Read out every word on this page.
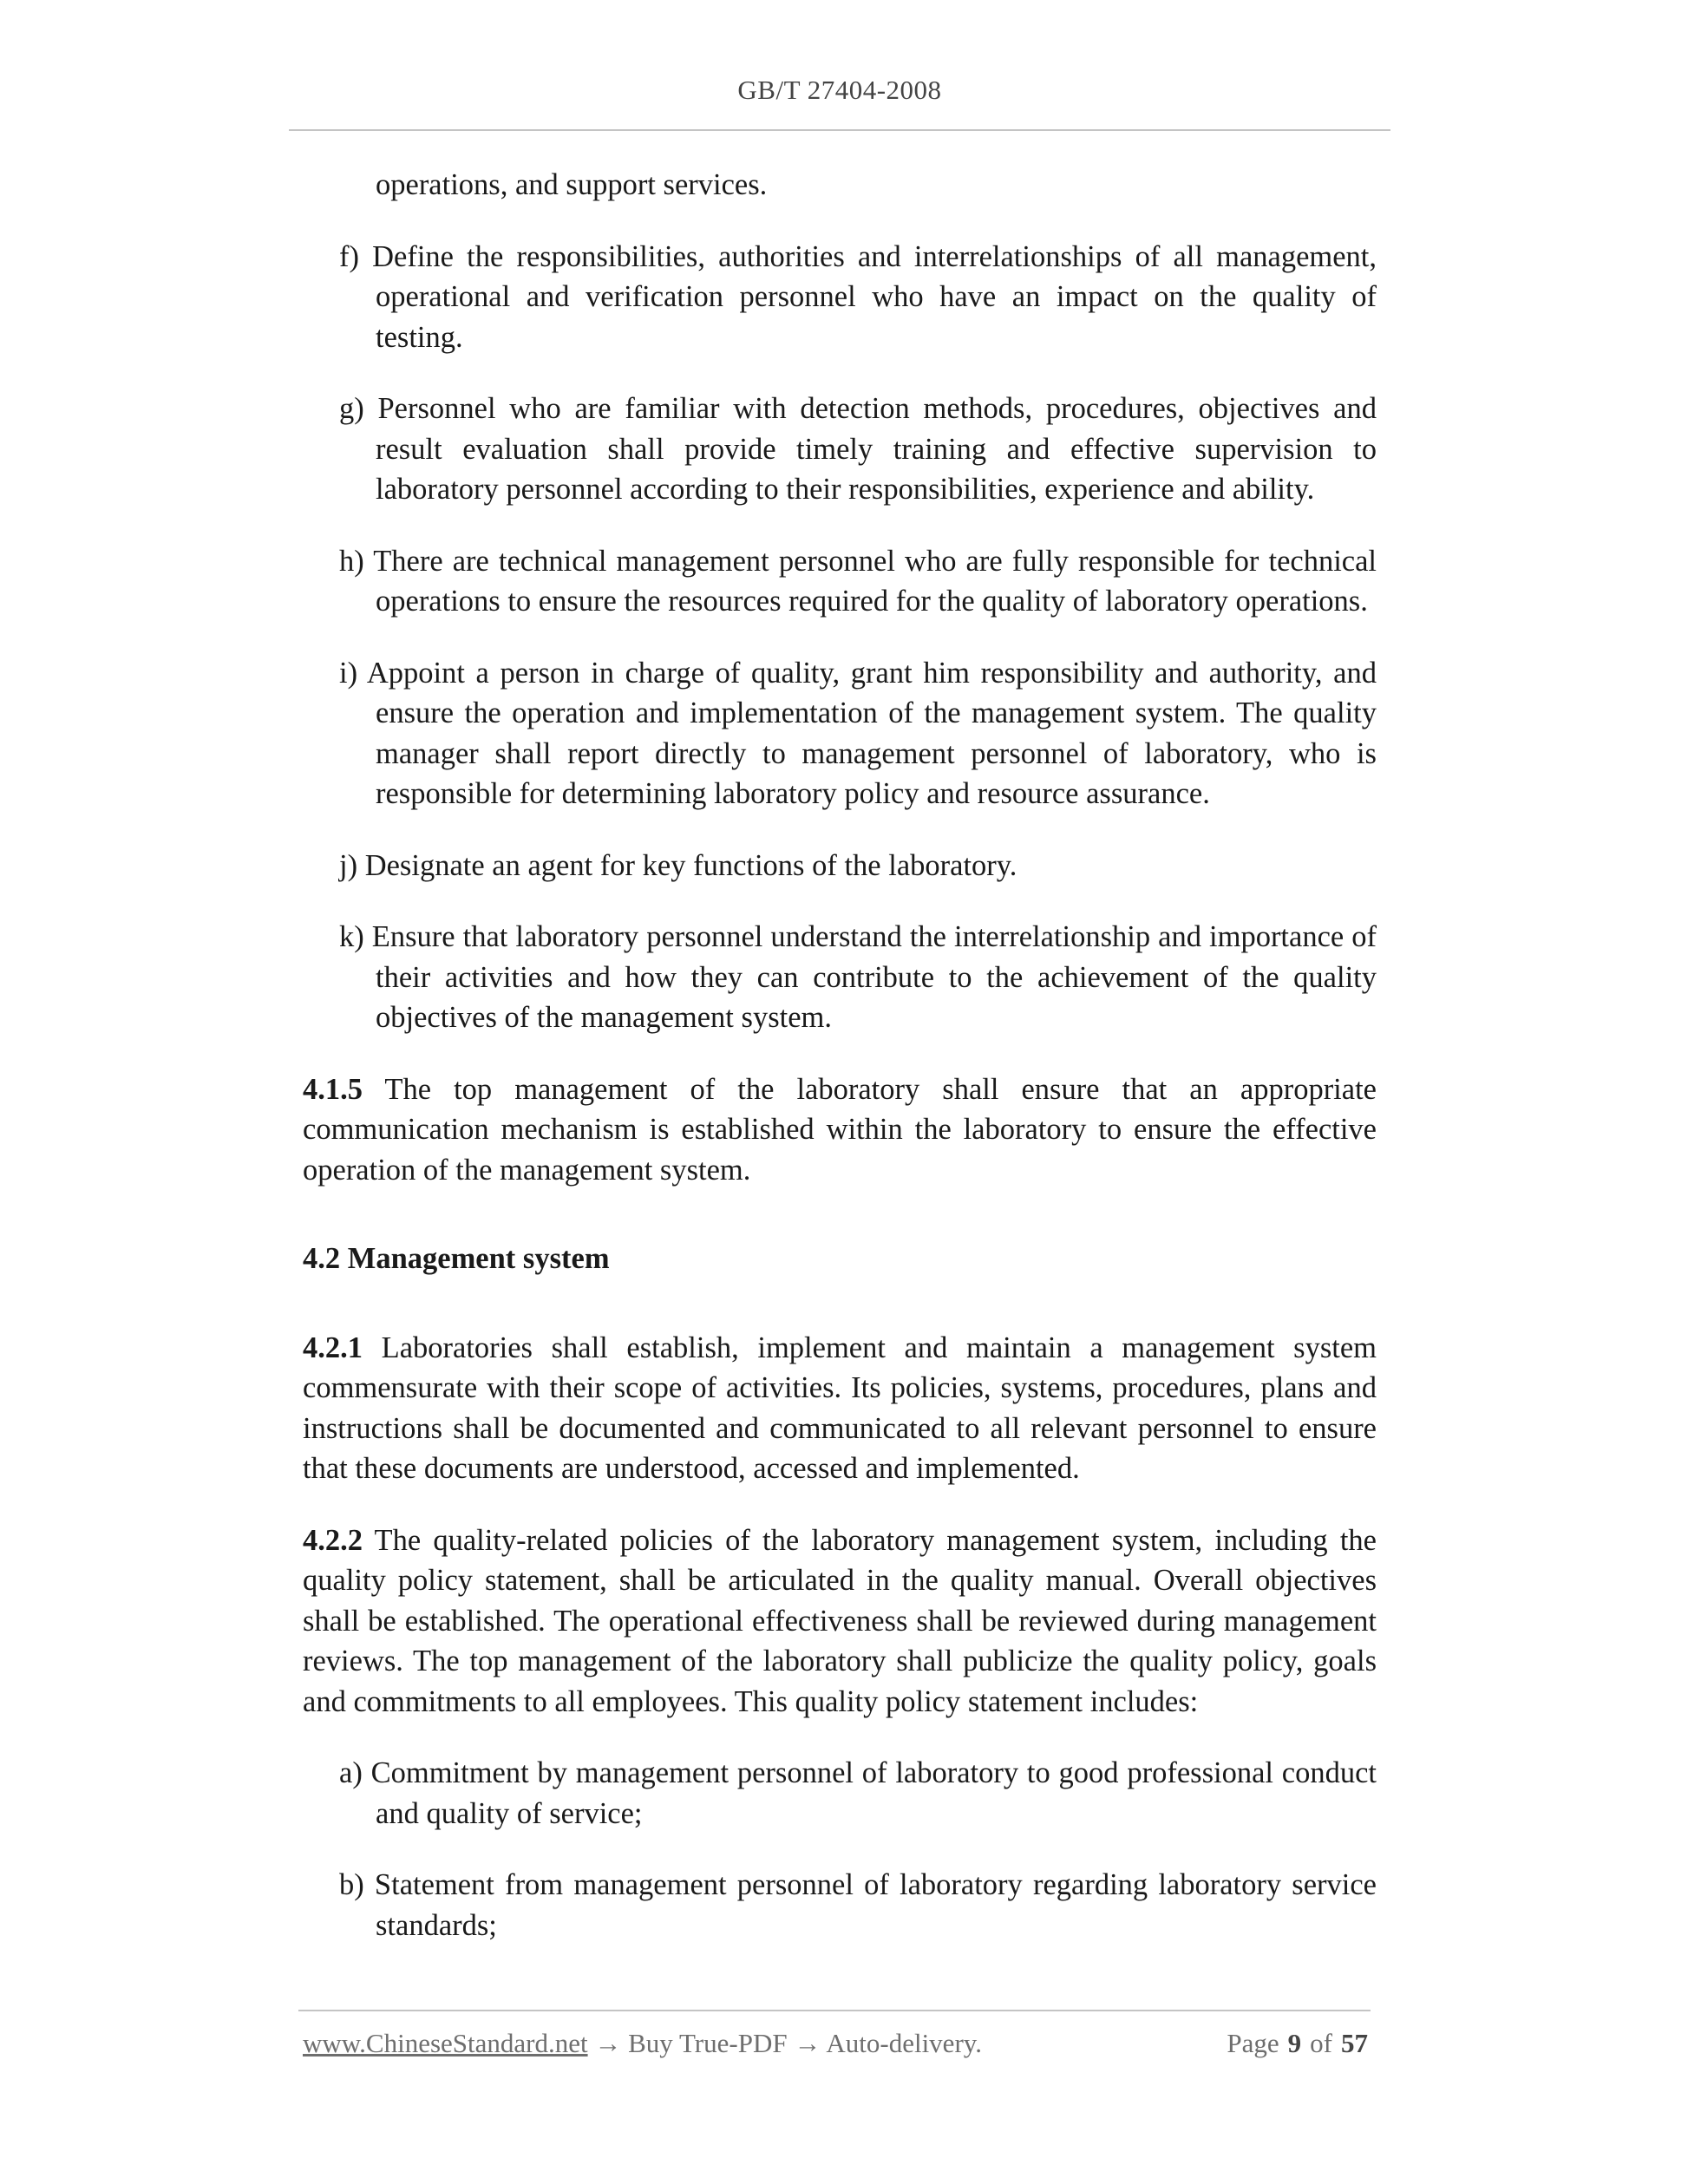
GB/T 27404-2008

operations, and support services.

f) Define the responsibilities, authorities and interrelationships of all management, operational and verification personnel who have an impact on the quality of testing.

g) Personnel who are familiar with detection methods, procedures, objectives and result evaluation shall provide timely training and effective supervision to laboratory personnel according to their responsibilities, experience and ability.

h) There are technical management personnel who are fully responsible for technical operations to ensure the resources required for the quality of laboratory operations.

i) Appoint a person in charge of quality, grant him responsibility and authority, and ensure the operation and implementation of the management system. The quality manager shall report directly to management personnel of laboratory, who is responsible for determining laboratory policy and resource assurance.

j) Designate an agent for key functions of the laboratory.

k) Ensure that laboratory personnel understand the interrelationship and importance of their activities and how they can contribute to the achievement of the quality objectives of the management system.

4.1.5 The top management of the laboratory shall ensure that an appropriate communication mechanism is established within the laboratory to ensure the effective operation of the management system.

4.2 Management system

4.2.1 Laboratories shall establish, implement and maintain a management system commensurate with their scope of activities. Its policies, systems, procedures, plans and instructions shall be documented and communicated to all relevant personnel to ensure that these documents are understood, accessed and implemented.

4.2.2 The quality-related policies of the laboratory management system, including the quality policy statement, shall be articulated in the quality manual. Overall objectives shall be established. The operational effectiveness shall be reviewed during management reviews. The top management of the laboratory shall publicize the quality policy, goals and commitments to all employees. This quality policy statement includes:

a) Commitment by management personnel of laboratory to good professional conduct and quality of service;

b) Statement from management personnel of laboratory regarding laboratory service standards;

www.ChineseStandard.net → Buy True-PDF → Auto-delivery.	Page 9 of 57
